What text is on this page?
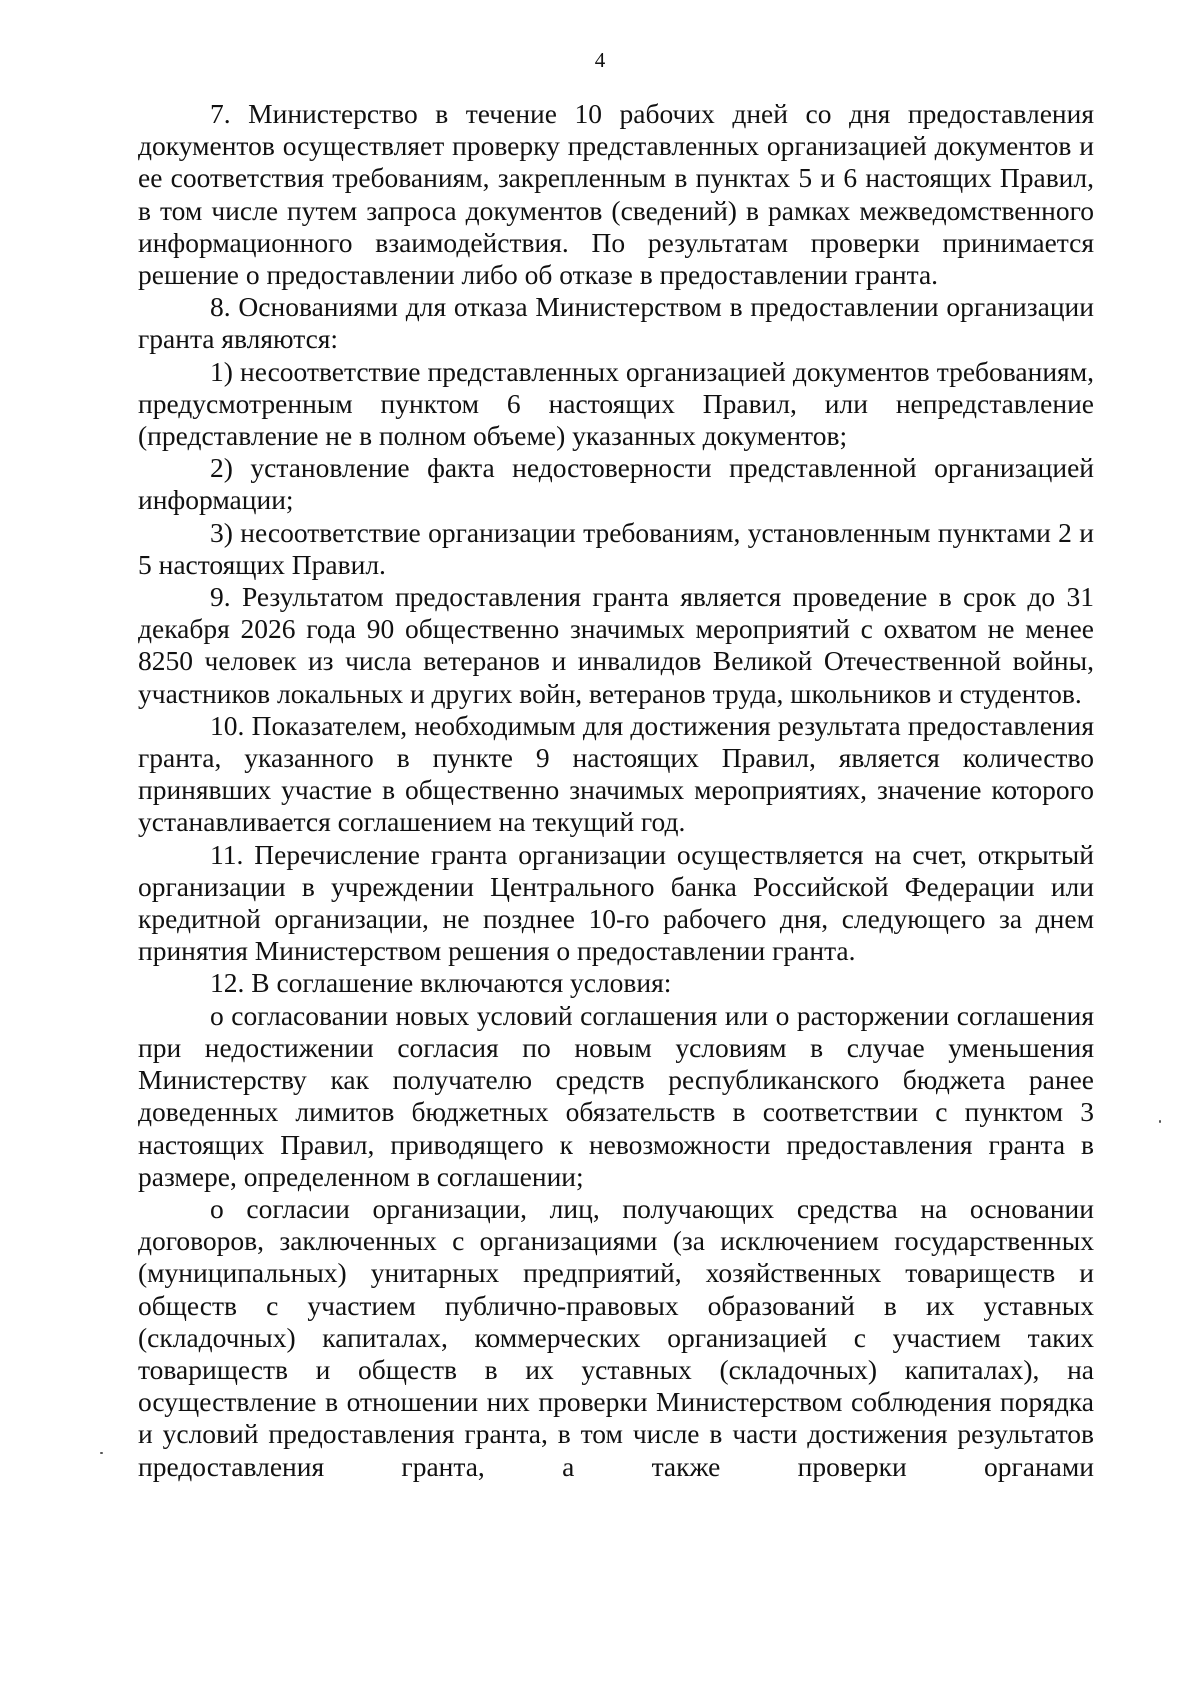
4

7. Министерство в течение 10 рабочих дней со дня предоставления документов осуществляет проверку представленных организацией документов и ее соответствия требованиям, закрепленным в пунктах 5 и 6 настоящих Правил, в том числе путем запроса документов (сведений) в рамках межведомственного информационного взаимодействия. По результатам проверки принимается решение о предоставлении либо об отказе в предоставлении гранта.

8. Основаниями для отказа Министерством в предоставлении организации гранта являются:

1) несоответствие представленных организацией документов требованиям, предусмотренным пунктом 6 настоящих Правил, или непредставление (представление не в полном объеме) указанных документов;

2) установление факта недостоверности представленной организацией информации;

3) несоответствие организации требованиям, установленным пунктами 2 и 5 настоящих Правил.

9. Результатом предоставления гранта является проведение в срок до 31 декабря 2026 года 90 общественно значимых мероприятий с охватом не менее 8250 человек из числа ветеранов и инвалидов Великой Отечественной войны, участников локальных и других войн, ветеранов труда, школьников и студентов.

10. Показателем, необходимым для достижения результата предоставления гранта, указанного в пункте 9 настоящих Правил, является количество принявших участие в общественно значимых мероприятиях, значение которого устанавливается соглашением на текущий год.

11. Перечисление гранта организации осуществляется на счет, открытый организации в учреждении Центрального банка Российской Федерации или кредитной организации, не позднее 10-го рабочего дня, следующего за днем принятия Министерством решения о предоставлении гранта.

12. В соглашение включаются условия:

о согласовании новых условий соглашения или о расторжении соглашения при недостижении согласия по новым условиям в случае уменьшения Министерству как получателю средств республиканского бюджета ранее доведенных лимитов бюджетных обязательств в соответствии с пунктом 3 настоящих Правил, приводящего к невозможности предоставления гранта в размере, определенном в соглашении;

о согласии организации, лиц, получающих средства на основании договоров, заключенных с организациями (за исключением государственных (муниципальных) унитарных предприятий, хозяйственных товариществ и обществ с участием публично-правовых образований в их уставных (складочных) капиталах, коммерческих организацией с участием таких товариществ и обществ в их уставных (складочных) капиталах), на осуществление в отношении них проверки Министерством соблюдения порядка и условий предоставления гранта, в том числе в части достижения результатов предоставления гранта, а также проверки органами
